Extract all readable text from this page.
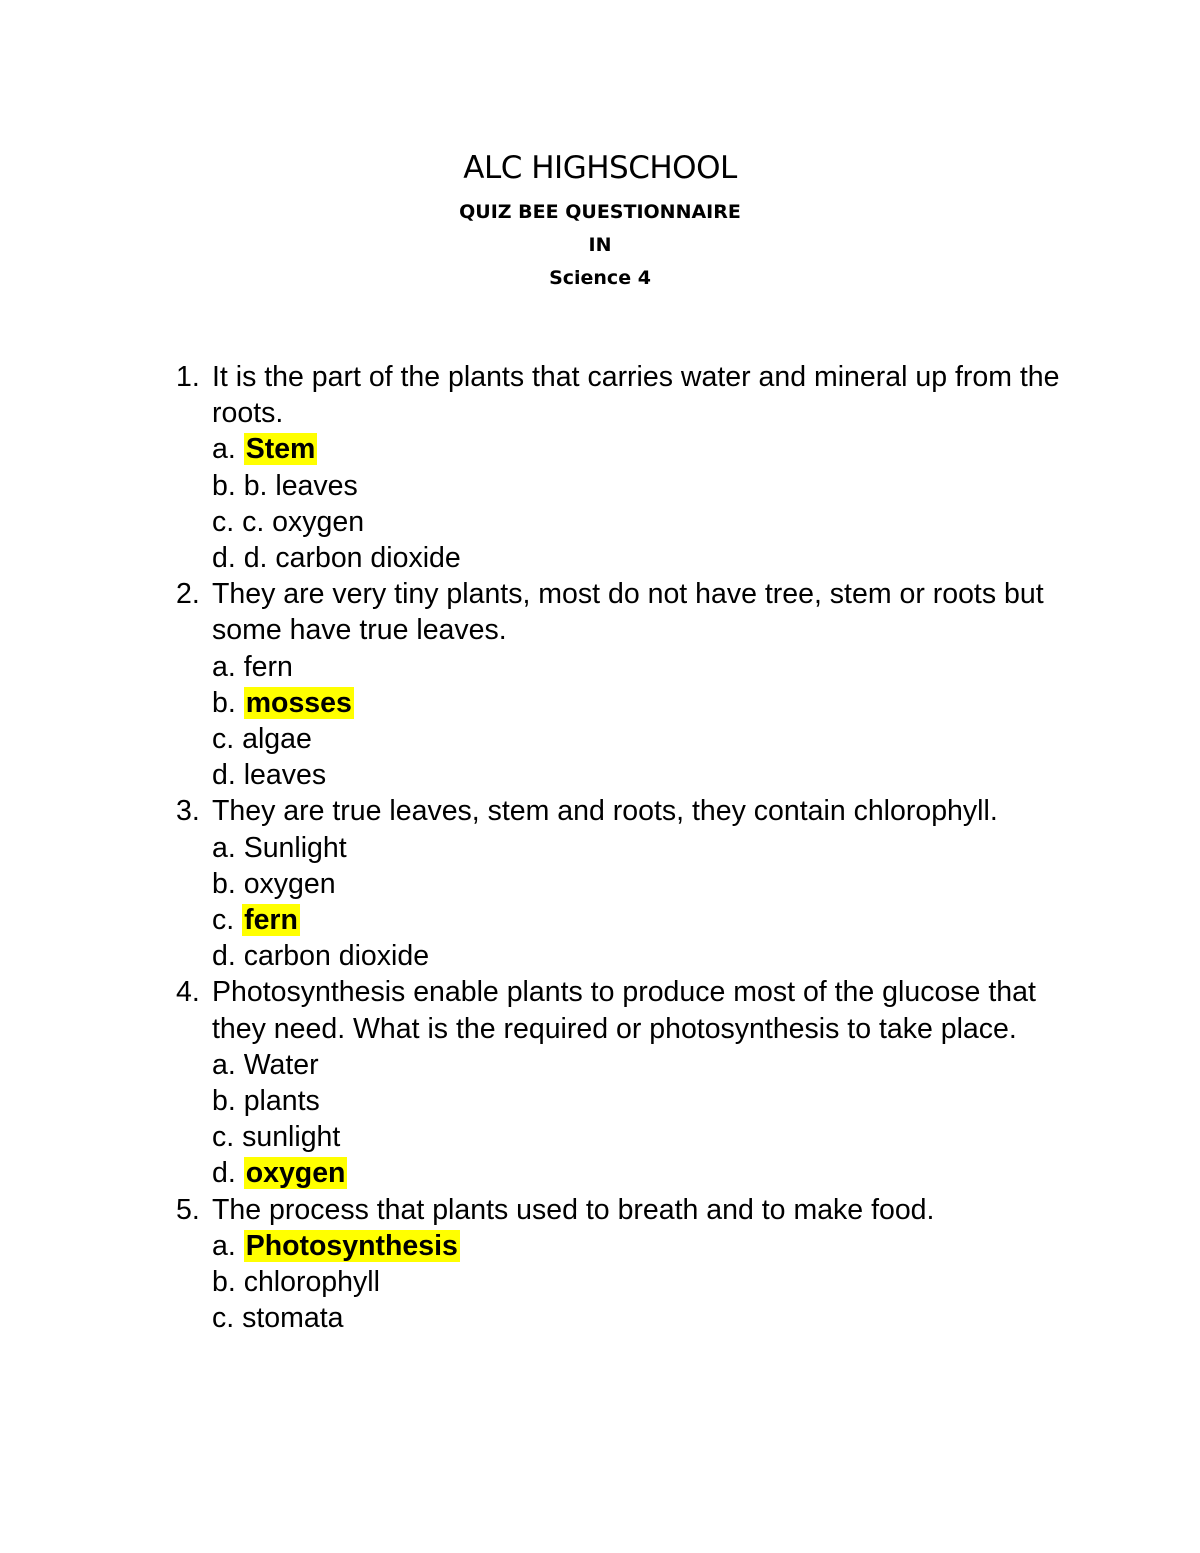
ALC HIGHSCHOOL
QUIZ BEE QUESTIONNAIRE
IN
Science 4
1. It is the part of the plants that carries water and mineral up from the roots.
a. Stem
b. b. leaves
c. c. oxygen
d. d. carbon dioxide
2. They are very tiny plants, most do not have tree, stem or roots but some have true leaves.
a. fern
b. mosses
c. algae
d. leaves
3. They are true leaves, stem and roots, they contain chlorophyll.
a. Sunlight
b. oxygen
c. fern
d. carbon dioxide
4. Photosynthesis enable plants to produce most of the glucose that they need. What is the required or photosynthesis to take place.
a. Water
b. plants
c. sunlight
d. oxygen
5. The process that plants used to breath and to make food.
a. Photosynthesis
b. chlorophyll
c. stomata
